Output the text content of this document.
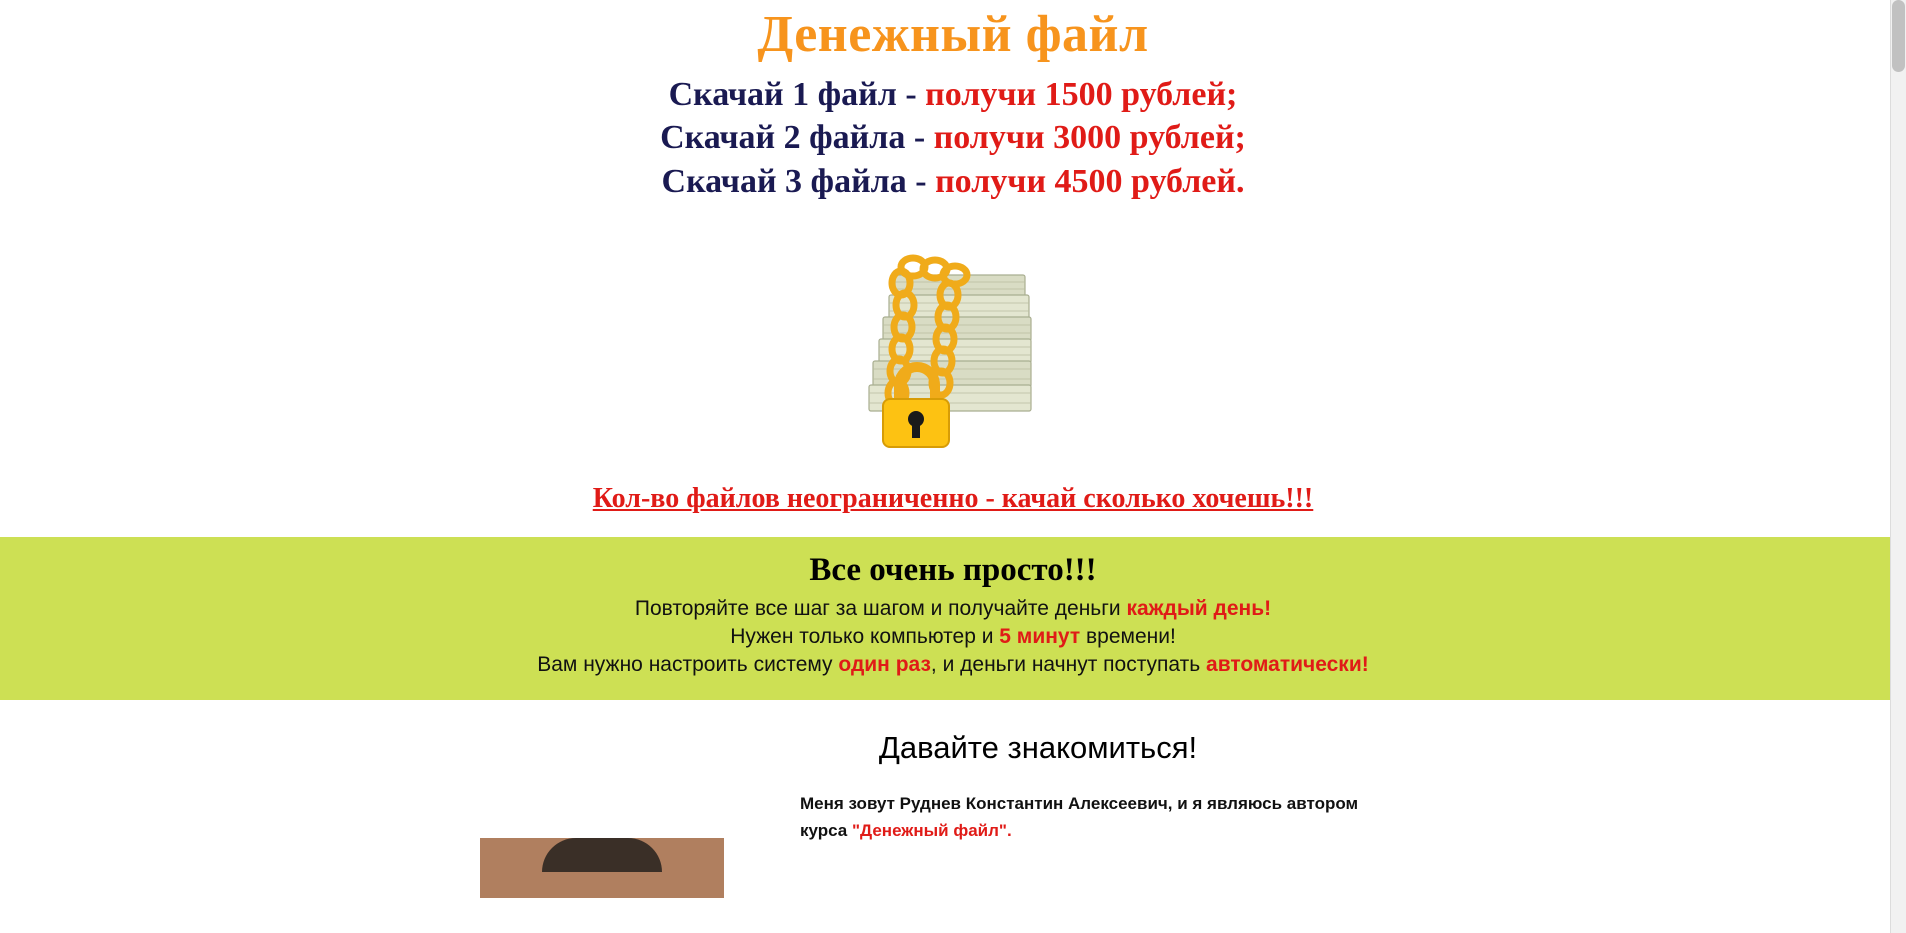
Денежный файл

Скачай 1 файл - получи 1500 рублей;

Скачай 2 файла - получи 3000 рублей;

Скачай 3 файла - получи 4500 рублей.

Кол-во файлов неограниченно - качай сколько хочешь!!!
Все очень просто!!!

Повторяйте все шаг за шагом и получайте деньги каждый день!

Нужен только компьютер и 5 минут времени!

Вам нужно настроить систему один раз, и деньги начнут поступать автоматически!

Давайте знакомиться!
Меня зовут Руднев Константин Алексеевич, и я являюсь автором курса "Денежный файл".
